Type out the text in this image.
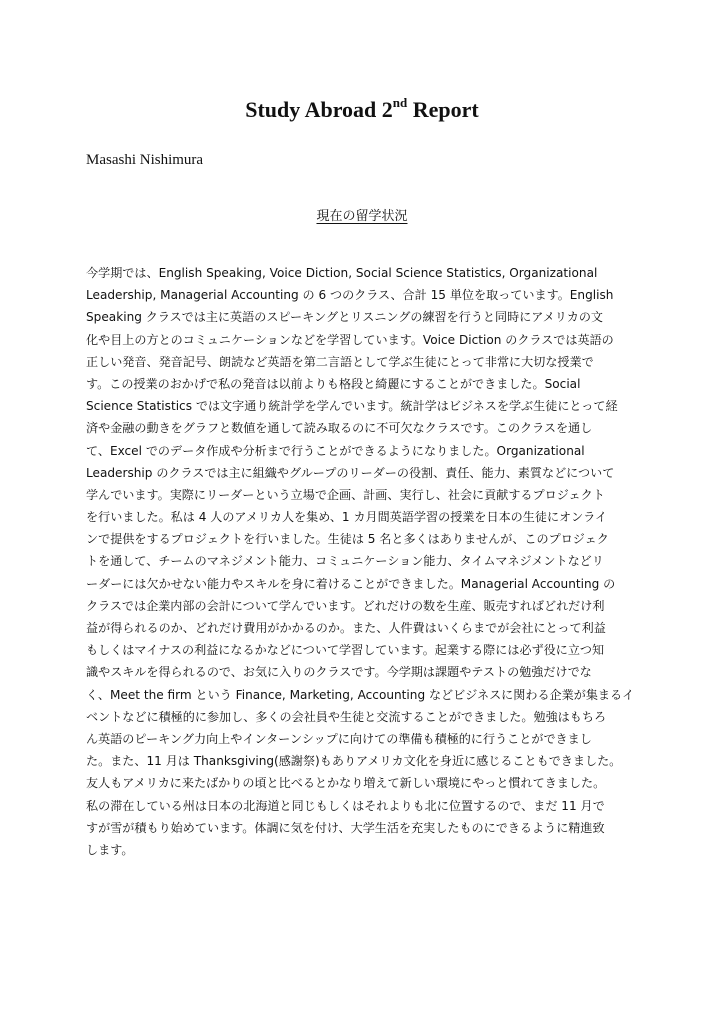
Study Abroad 2nd Report

Masashi Nishimura

現在の留学状況

今学期では、English Speaking, Voice Diction, Social Science Statistics, Organizational
Leadership, Managerial Accounting の 6 つのクラス、合計 15 単位を取っています。English
Speaking クラスでは主に英語のスピーキングとリスニングの練習を行うと同時にアメリカの文
化や目上の方とのコミュニケーションなどを学習しています。Voice Diction のクラスでは英語の
正しい発音、発音記号、朗読など英語を第二言語として学ぶ生徒にとって非常に大切な授業で
す。この授業のおかげで私の発音は以前よりも格段と綺麗にすることができました。Social
Science Statistics では文字通り統計学を学んでいます。統計学はビジネスを学ぶ生徒にとって経
済や金融の動きをグラフと数値を通して読み取るのに不可欠なクラスです。このクラスを通し
て、Excel でのデータ作成や分析まで行うことができるようになりました。Organizational
Leadership のクラスでは主に組織やグループのリーダーの役割、責任、能力、素質などについて
学んでいます。実際にリーダーという立場で企画、計画、実行し、社会に貢献するプロジェクト
を行いました。私は 4 人のアメリカ人を集め、1 カ月間英語学習の授業を日本の生徒にオンライ
ンで提供をするプロジェクトを行いました。生徒は 5 名と多くはありませんが、このプロジェク
トを通して、チームのマネジメント能力、コミュニケーション能力、タイムマネジメントなどリ
ーダーには欠かせない能力やスキルを身に着けることができました。Managerial Accounting の
クラスでは企業内部の会計について学んでいます。どれだけの数を生産、販売すればどれだけ利
益が得られるのか、どれだけ費用がかかるのか。また、人件費はいくらまでが会社にとって利益
もしくはマイナスの利益になるかなどについて学習しています。起業する際には必ず役に立つ知
識やスキルを得られるので、お気に入りのクラスです。今学期は課題やテストの勉強だけでな
く、Meet the firm という Finance, Marketing, Accounting などビジネスに関わる企業が集まるイ
ベントなどに積極的に参加し、多くの会社員や生徒と交流することができました。勉強はもちろ
ん英語のピーキング力向上やインターンシップに向けての準備も積極的に行うことができまし
た。また、11 月は Thanksgiving(感謝祭)もありアメリカ文化を身近に感じることもできました。
友人もアメリカに来たばかりの頃と比べるとかなり増えて新しい環境にやっと慣れてきました。
私の滞在している州は日本の北海道と同じもしくはそれよりも北に位置するので、まだ 11 月で
すが雪が積もり始めています。体調に気を付け、大学生活を充実したものにできるように精進致
します。
